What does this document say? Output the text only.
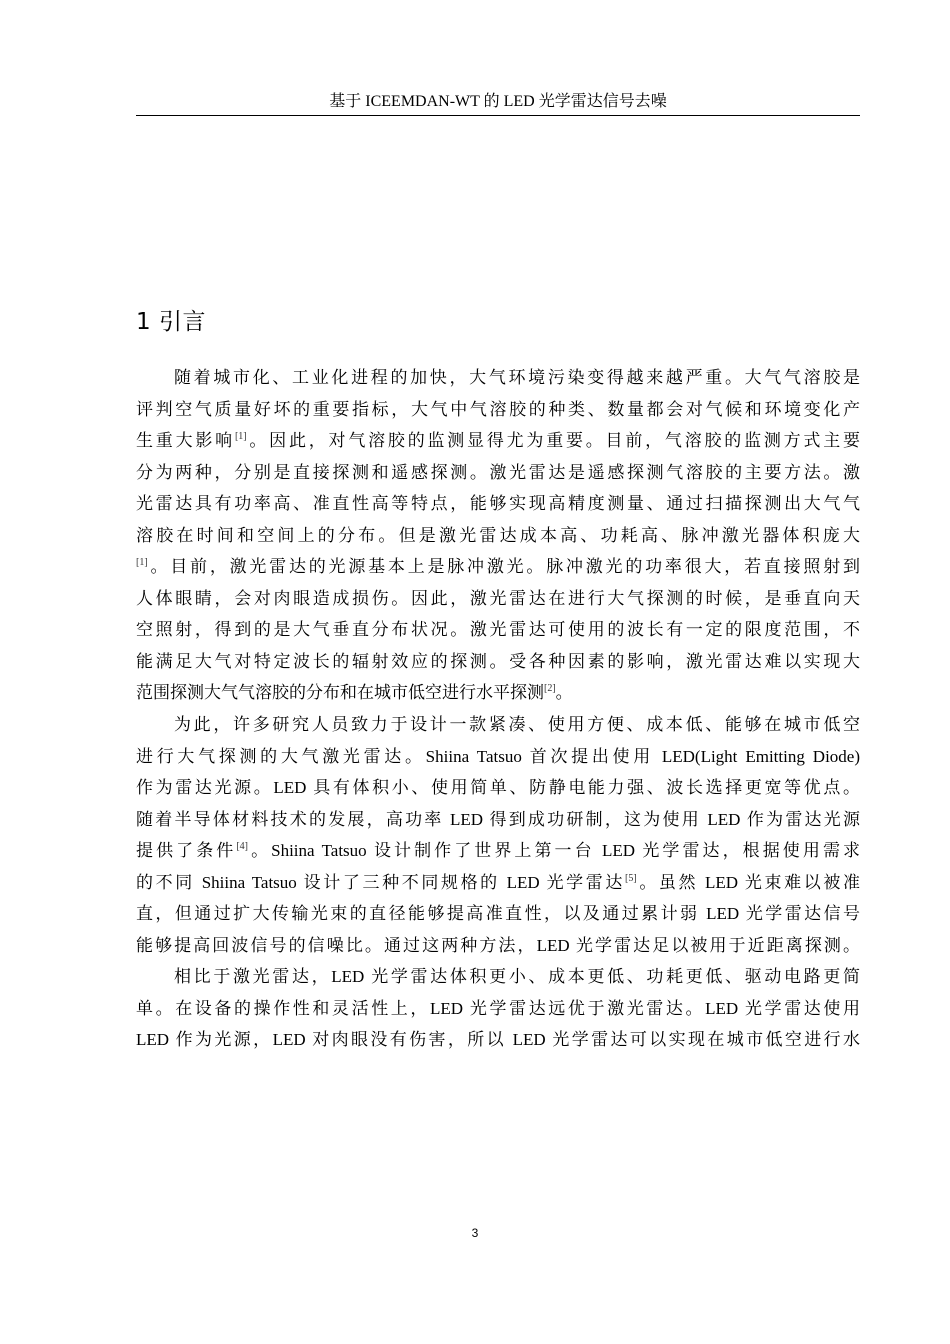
基于 ICEEMDAN-WT 的 LED 光学雷达信号去噪
1 引言
随着城市化、工业化进程的加快，大气环境污染变得越来越严重。大气气溶胶是
评判空气质量好坏的重要指标，大气中气溶胶的种类、数量都会对气候和环境变化产
生重大影响[1]。因此，对气溶胶的监测显得尤为重要。目前，气溶胶的监测方式主要
分为两种，分别是直接探测和遥感探测。激光雷达是遥感探测气溶胶的主要方法。激
光雷达具有功率高、准直性高等特点，能够实现高精度测量、通过扫描探测出大气气
溶胶在时间和空间上的分布。但是激光雷达成本高、功耗高、脉冲激光器体积庞大
[1]。目前，激光雷达的光源基本上是脉冲激光。脉冲激光的功率很大，若直接照射到
人体眼睛，会对肉眼造成损伤。因此，激光雷达在进行大气探测的时候，是垂直向天
空照射，得到的是大气垂直分布状况。激光雷达可使用的波长有一定的限度范围，不
能满足大气对特定波长的辐射效应的探测。受各种因素的影响，激光雷达难以实现大
范围探测大气气溶胶的分布和在城市低空进行水平探测[2]。
为此，许多研究人员致力于设计一款紧凑、使用方便、成本低、能够在城市低空
进行大气探测的大气激光雷达。Shiina Tatsuo 首次提出使用 LED(Light Emitting Diode)
作为雷达光源。LED 具有体积小、使用简单、防静电能力强、波长选择更宽等优点。
随着半导体材料技术的发展，高功率 LED 得到成功研制，这为使用 LED 作为雷达光源
提供了条件[4]。Shiina Tatsuo 设计制作了世界上第一台 LED 光学雷达，根据使用需求
的不同 Shiina Tatsuo 设计了三种不同规格的 LED 光学雷达[5]。虽然 LED 光束难以被准
直，但通过扩大传输光束的直径能够提高准直性，以及通过累计弱 LED 光学雷达信号
能够提高回波信号的信噪比。通过这两种方法，LED 光学雷达足以被用于近距离探测。
相比于激光雷达，LED 光学雷达体积更小、成本更低、功耗更低、驱动电路更简
单。在设备的操作性和灵活性上，LED 光学雷达远优于激光雷达。LED 光学雷达使用
LED 作为光源，LED 对肉眼没有伤害，所以 LED 光学雷达可以实现在城市低空进行水
3
